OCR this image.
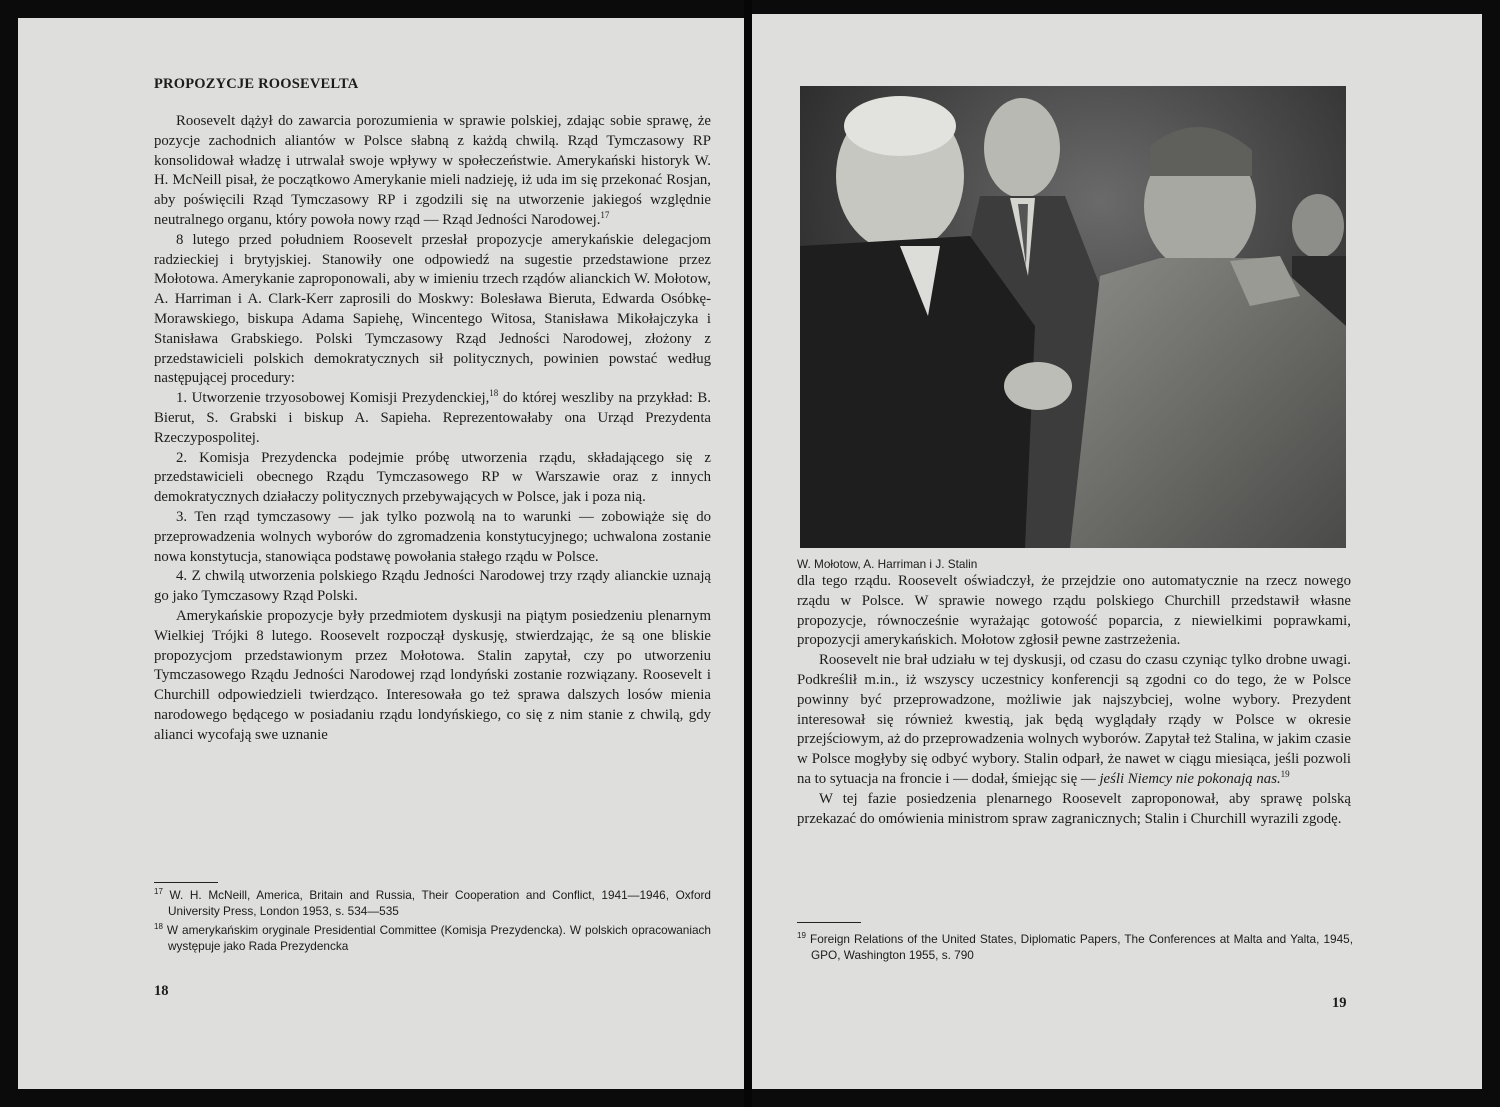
PROPOZYCJE ROOSEVELTA

Roosevelt dążył do zawarcia porozumienia w sprawie polskiej, zdając sobie sprawę, że pozycje zachodnich aliantów w Polsce słabną z każdą chwilą. Rząd Tymczasowy RP konsolidował władzę i utrwalał swoje wpływy w społeczeństwie. Amerykański historyk W. H. McNeill pisał, że początkowo Amerykanie mieli nadzieję, iż uda im się przekonać Rosjan, aby poświęcili Rząd Tymczasowy RP i zgodzili się na utworzenie jakiegoś względnie neutralnego organu, który powoła nowy rząd — Rząd Jedności Narodowej.$^{17}$

8 lutego przed południem Roosevelt przesłał propozycje amerykańskie delegacjom radzieckiej i brytyjskiej. Stanowiły one odpowiedź na sugestie przedstawione przez Mołotowa. Amerykanie zaproponowali, aby w imieniu trzech rządów alianckich W. Mołotow, A. Harriman i A. Clark-Kerr zaprosili do Moskwy: Bolesława Bieruta, Edwarda Osóbkę-Morawskiego, biskupa Adama Sapiehę, Wincentego Witosa, Stanisława Mikołajczyka i Stanisława Grabskiego. Polski Tymczasowy Rząd Jedności Narodowej, złożony z przedstawicieli polskich demokratycznych sił politycznych, powinien powstać według następującej procedury:

1. Utworzenie trzyosobowej Komisji Prezydenckiej,$^{18}$ do której weszliby na przykład: B. Bierut, S. Grabski i biskup A. Sapieha. Reprezentowałaby ona Urząd Prezydenta Rzeczypospolitej.

2. Komisja Prezydencka podejmie próbę utworzenia rządu, składającego się z przedstawicieli obecnego Rządu Tymczasowego RP w Warszawie oraz z innych demokratycznych działaczy politycznych przebywających w Polsce, jak i poza nią.

3. Ten rząd tymczasowy — jak tylko pozwolą na to warunki — zobowiąże się do przeprowadzenia wolnych wyborów do zgromadzenia konstytucyjnego; uchwalona zostanie nowa konstytucja, stanowiąca podstawę powołania stałego rządu w Polsce.

4. Z chwilą utworzenia polskiego Rządu Jedności Narodowej trzy rządy alianckie uznają go jako Tymczasowy Rząd Polski.

Amerykańskie propozycje były przedmiotem dyskusji na piątym posiedzeniu plenarnym Wielkiej Trójki 8 lutego. Roosevelt rozpoczął dyskusję, stwierdzając, że są one bliskie propozycjom przedstawionym przez Mołotowa. Stalin zapytał, czy po utworzeniu Tymczasowego Rządu Jedności Narodowej rząd londyński zostanie rozwiązany. Roosevelt i Churchill odpowiedzieli twierdząco. Interesowała go też sprawa dalszych losów mienia narodowego będącego w posiadaniu rządu londyńskiego, co się z nim stanie z chwilą, gdy alianci wycofają swe uznanie

$^{17}$ W. H. McNeill, America, Britain and Russia, Their Cooperation and Conflict, 1941—1946, Oxford University Press, London 1953, s. 534—535

$^{18}$ W amerykańskim oryginale Presidential Committee (Komisja Prezydencka). W polskich opracowaniach występuje jako Rada Prezydencka

18
W. Mołotow, A. Harriman i J. Stalin

dla tego rządu. Roosevelt oświadczył, że przejdzie ono automatycznie na rzecz nowego rządu w Polsce. W sprawie nowego rządu polskiego Churchill przedstawił własne propozycje, równocześnie wyrażając gotowość poparcia, z niewielkimi poprawkami, propozycji amerykańskich. Mołotow zgłosił pewne zastrzeżenia.

Roosevelt nie brał udziału w tej dyskusji, od czasu do czasu czyniąc tylko drobne uwagi. Podkreślił m.in., iż wszyscy uczestnicy konferencji są zgodni co do tego, że w Polsce powinny być przeprowadzone, możliwie jak najszybciej, wolne wybory. Prezydent interesował się również kwestią, jak będą wyglądały rządy w Polsce w okresie przejściowym, aż do przeprowadzenia wolnych wyborów. Zapytał też Stalina, w jakim czasie w Polsce mogłyby się odbyć wybory. Stalin odparł, że nawet w ciągu miesiąca, jeśli pozwoli na to sytuacja na froncie i — dodał, śmiejąc się — jeśli Niemcy nie pokonają nas.$^{19}$

W tej fazie posiedzenia plenarnego Roosevelt zaproponował, aby sprawę polską przekazać do omówienia ministrom spraw zagranicznych; Stalin i Churchill wyrazili zgodę.

$^{19}$ Foreign Relations of the United States, Diplomatic Papers, The Conferences at Malta and Yalta, 1945, GPO, Washington 1955, s. 790

19
